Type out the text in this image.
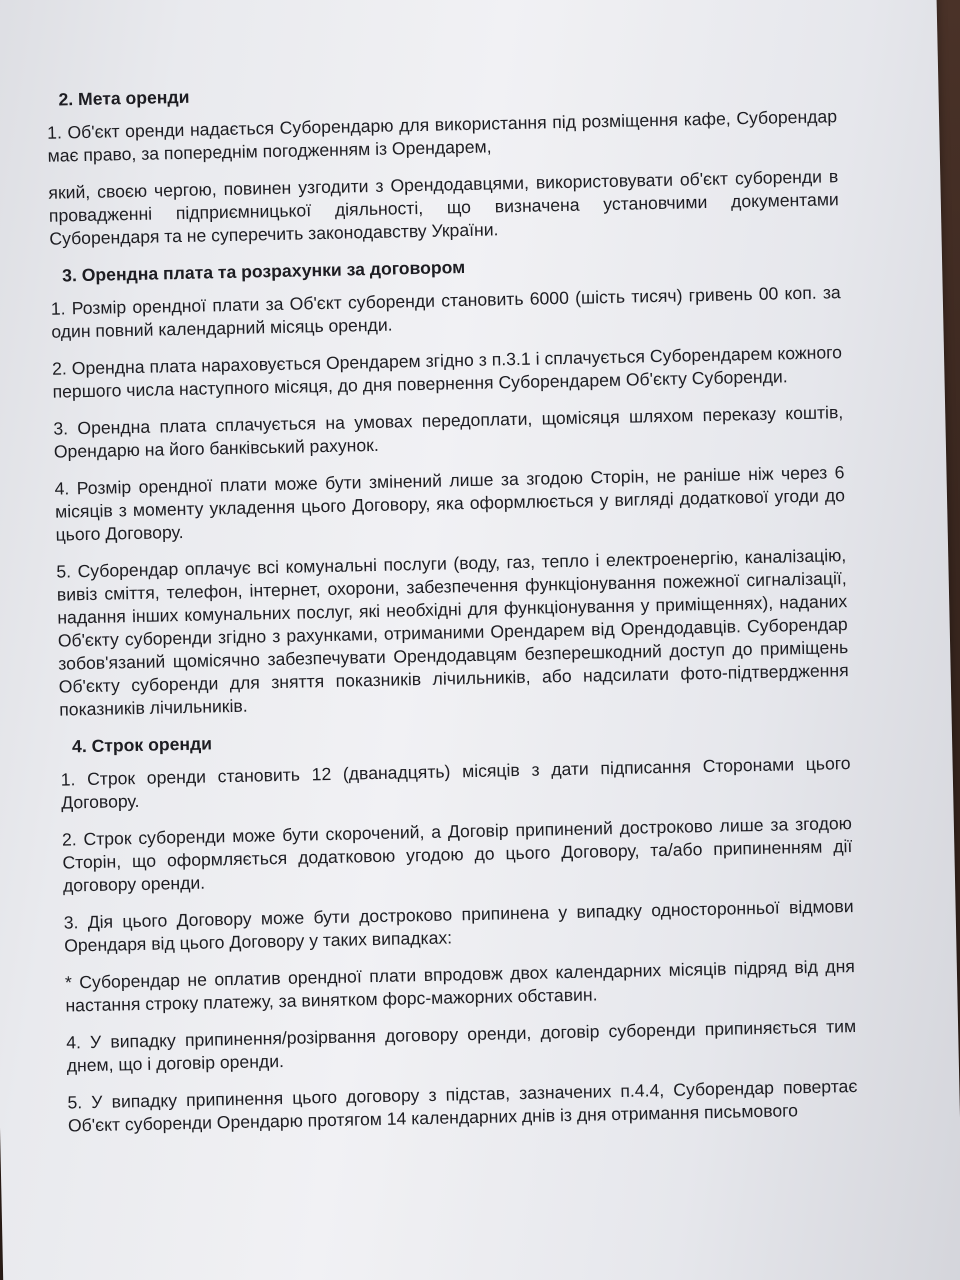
2. Мета оренди
1. Об'єкт оренди надається Суборендарю для використання під розміщення кафе, Суборендар має право, за попереднім погодженням із Орендарем,
який, своєю чергою, повинен узгодити з Орендодавцями, використовувати об'єкт суборенди в провадженні підприємницької діяльності, що визначена установчими документами Суборендаря та не суперечить законодавству України.
3. Орендна плата та розрахунки за договором
1. Розмір орендної плати за Об'єкт суборенди становить 6000 (шість тисяч) гривень 00 коп. за один повний календарний місяць оренди.
2. Орендна плата нараховується Орендарем згідно з п.3.1 і сплачується Суборендарем кожного першого числа наступного місяця, до дня повернення Суборендарем Об'єкту Суборенди.
3. Орендна плата сплачується на умовах передоплати, щомісяця шляхом переказу коштів, Орендарю на його банківський рахунок.
4. Розмір орендної плати може бути змінений лише за згодою Сторін, не раніше ніж через 6 місяців з моменту укладення цього Договору, яка оформлюється у вигляді додаткової угоди до цього Договору.
5. Суборендар оплачує всі комунальні послуги (воду, газ, тепло і електроенергію, каналізацію, вивіз сміття, телефон, інтернет, охорони, забезпечення функціонування пожежної сигналізації, надання інших комунальних послуг, які необхідні для функціонування у приміщеннях), наданих Об'єкту суборенди згідно з рахунками, отриманими Орендарем від Орендодавців. Суборендар зобов'язаний щомісячно забезпечувати Орендодавцям безперешкодний доступ до приміщень Об'єкту суборенди для зняття показників лічильників, або надсилати фото-підтвердження показників лічильників.
4. Строк оренди
1. Строк оренди становить 12 (дванадцять) місяців з дати підписання Сторонами цього Договору.
2. Строк суборенди може бути скорочений, а Договір припинений достроково лише за згодою Сторін, що оформляється додатковою угодою до цього Договору, та/або припиненням дії договору оренди.
3. Дія цього Договору може бути достроково припинена у випадку односторонньої відмови Орендаря від цього Договору у таких випадках:
* Суборендар не оплатив орендної плати впродовж двох календарних місяців підряд від дня настання строку платежу, за винятком форс-мажорних обставин.
4. У випадку припинення/розірвання договору оренди, договір суборенди припиняється тим днем, що і договір оренди.
5. У випадку припинення цього договору з підстав, зазначених п.4.4, Суборендар повертає Об'єкт суборенди Орендарю протягом 14 календарних днів із дня отримання письмового
